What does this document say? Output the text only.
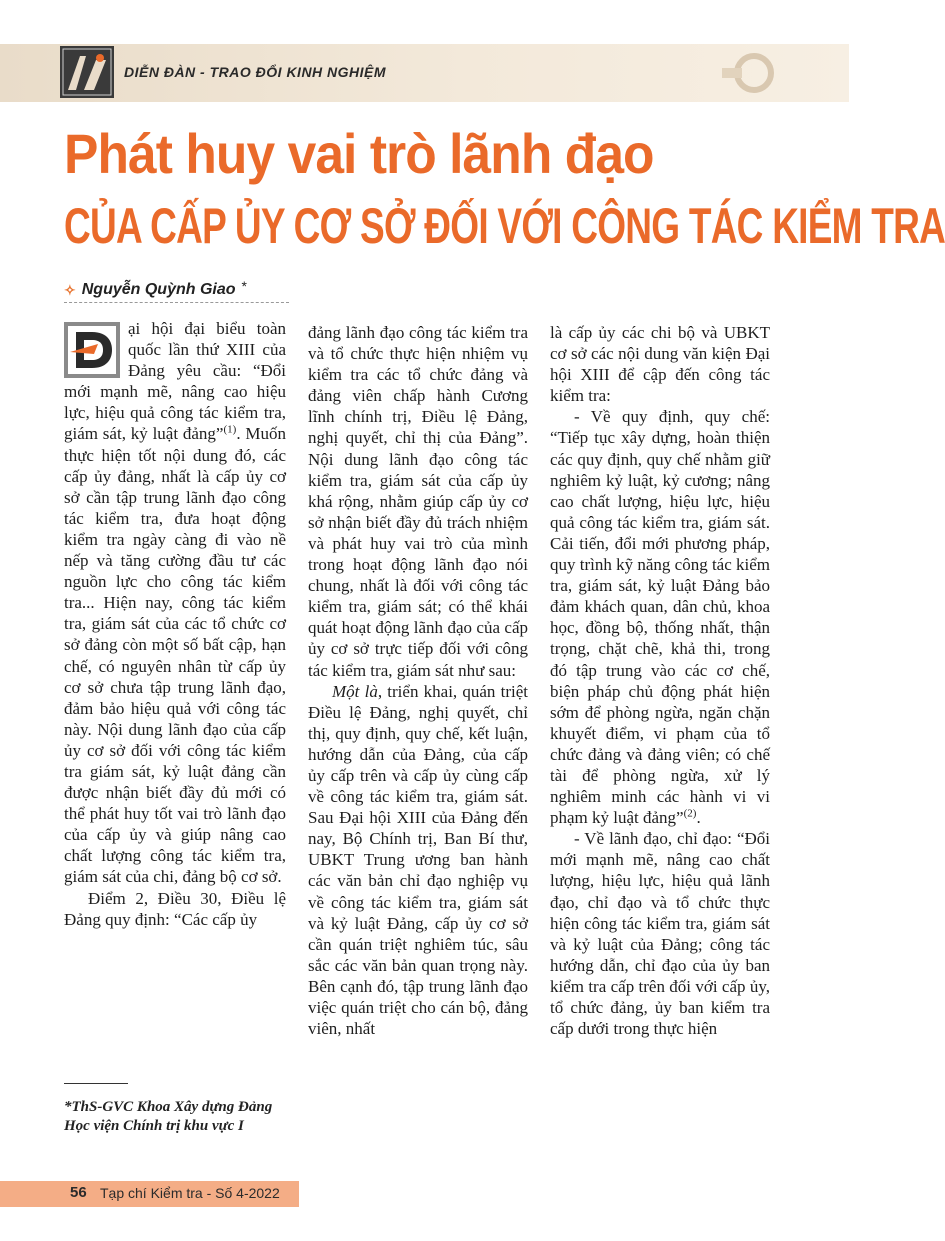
DIỄN ĐÀN - TRAO ĐỔI KINH NGHIỆM
Phát huy vai trò lãnh đạo
CỦA CẤP ỦY CƠ SỞ ĐỐI VỚI CÔNG TÁC KIỂM TRA
✧ Nguyễn Quỳnh Giao *

ại hội đại biểu toàn quốc lần thứ XIII của Đảng yêu cầu: “Đổi mới mạnh mẽ, nâng cao hiệu lực, hiệu quả công tác kiểm tra, giám sát, kỷ luật đảng”$^{(1)}$. Muốn thực hiện tốt nội dung đó, các cấp ủy đảng, nhất là cấp ủy cơ sở cần tập trung lãnh đạo công tác kiểm tra, đưa hoạt động kiểm tra ngày càng đi vào nề nếp và tăng cường đầu tư các nguồn lực cho công tác kiểm tra... Hiện nay, công tác kiểm tra, giám sát của các tổ chức cơ sở đảng còn một số bất cập, hạn chế, có nguyên nhân từ cấp ủy cơ sở chưa tập trung lãnh đạo, đảm bảo hiệu quả với công tác này. Nội dung lãnh đạo của cấp ủy cơ sở đối với công tác kiểm tra giám sát, kỷ luật đảng cần được nhận biết đầy đủ mới có thể phát huy tốt vai trò lãnh đạo của cấp ủy và giúp nâng cao chất lượng công tác kiểm tra, giám sát của chi, đảng bộ cơ sở.

Điểm 2, Điều 30, Điều lệ Đảng quy định: “Các cấp ủy

*ThS-GVC Khoa Xây dựng Đảng Học viện Chính trị khu vực I

đảng lãnh đạo công tác kiểm tra và tổ chức thực hiện nhiệm vụ kiểm tra các tổ chức đảng và đảng viên chấp hành Cương lĩnh chính trị, Điều lệ Đảng, nghị quyết, chỉ thị của Đảng”. Nội dung lãnh đạo công tác kiểm tra, giám sát của cấp ủy khá rộng, nhằm giúp cấp ủy cơ sở nhận biết đầy đủ trách nhiệm và phát huy vai trò của mình trong hoạt động lãnh đạo nói chung, nhất là đối với công tác kiểm tra, giám sát; có thể khái quát hoạt động lãnh đạo của cấp ủy cơ sở trực tiếp đối với công tác kiểm tra, giám sát như sau:

Một là, triển khai, quán triệt Điều lệ Đảng, nghị quyết, chỉ thị, quy định, quy chế, kết luận, hướng dẫn của Đảng, của cấp ủy cấp trên và cấp ủy cùng cấp về công tác kiểm tra, giám sát. Sau Đại hội XIII của Đảng đến nay, Bộ Chính trị, Ban Bí thư, UBKT Trung ương ban hành các văn bản chỉ đạo nghiệp vụ về công tác kiểm tra, giám sát và kỷ luật Đảng, cấp ủy cơ sở cần quán triệt nghiêm túc, sâu sắc các văn bản quan trọng này. Bên cạnh đó, tập trung lãnh đạo việc quán triệt cho cán bộ, đảng viên, nhất

là cấp ủy các chi bộ và UBKT cơ sở các nội dung văn kiện Đại hội XIII để cập đến công tác kiểm tra:

- Về quy định, quy chế: “Tiếp tục xây dựng, hoàn thiện các quy định, quy chế nhằm giữ nghiêm kỷ luật, kỷ cương; nâng cao chất lượng, hiệu lực, hiệu quả công tác kiểm tra, giám sát. Cải tiến, đổi mới phương pháp, quy trình kỹ năng công tác kiểm tra, giám sát, kỷ luật Đảng bảo đảm khách quan, dân chủ, khoa học, đồng bộ, thống nhất, thận trọng, chặt chẽ, khả thi, trong đó tập trung vào các cơ chế, biện pháp chủ động phát hiện sớm để phòng ngừa, ngăn chặn khuyết điểm, vi phạm của tổ chức đảng và đảng viên; có chế tài để phòng ngừa, xử lý nghiêm minh các hành vi vi phạm kỷ luật đảng”$^{(2)}$.

- Về lãnh đạo, chỉ đạo: “Đổi mới mạnh mẽ, nâng cao chất lượng, hiệu lực, hiệu quả lãnh đạo, chỉ đạo và tổ chức thực hiện công tác kiểm tra, giám sát và kỷ luật của Đảng; công tác hướng dẫn, chỉ đạo của ủy ban kiểm tra cấp trên đối với cấp ủy, tổ chức đảng, ủy ban kiểm tra cấp dưới trong thực hiện

56 Tạp chí Kiểm tra - Số 4-2022
